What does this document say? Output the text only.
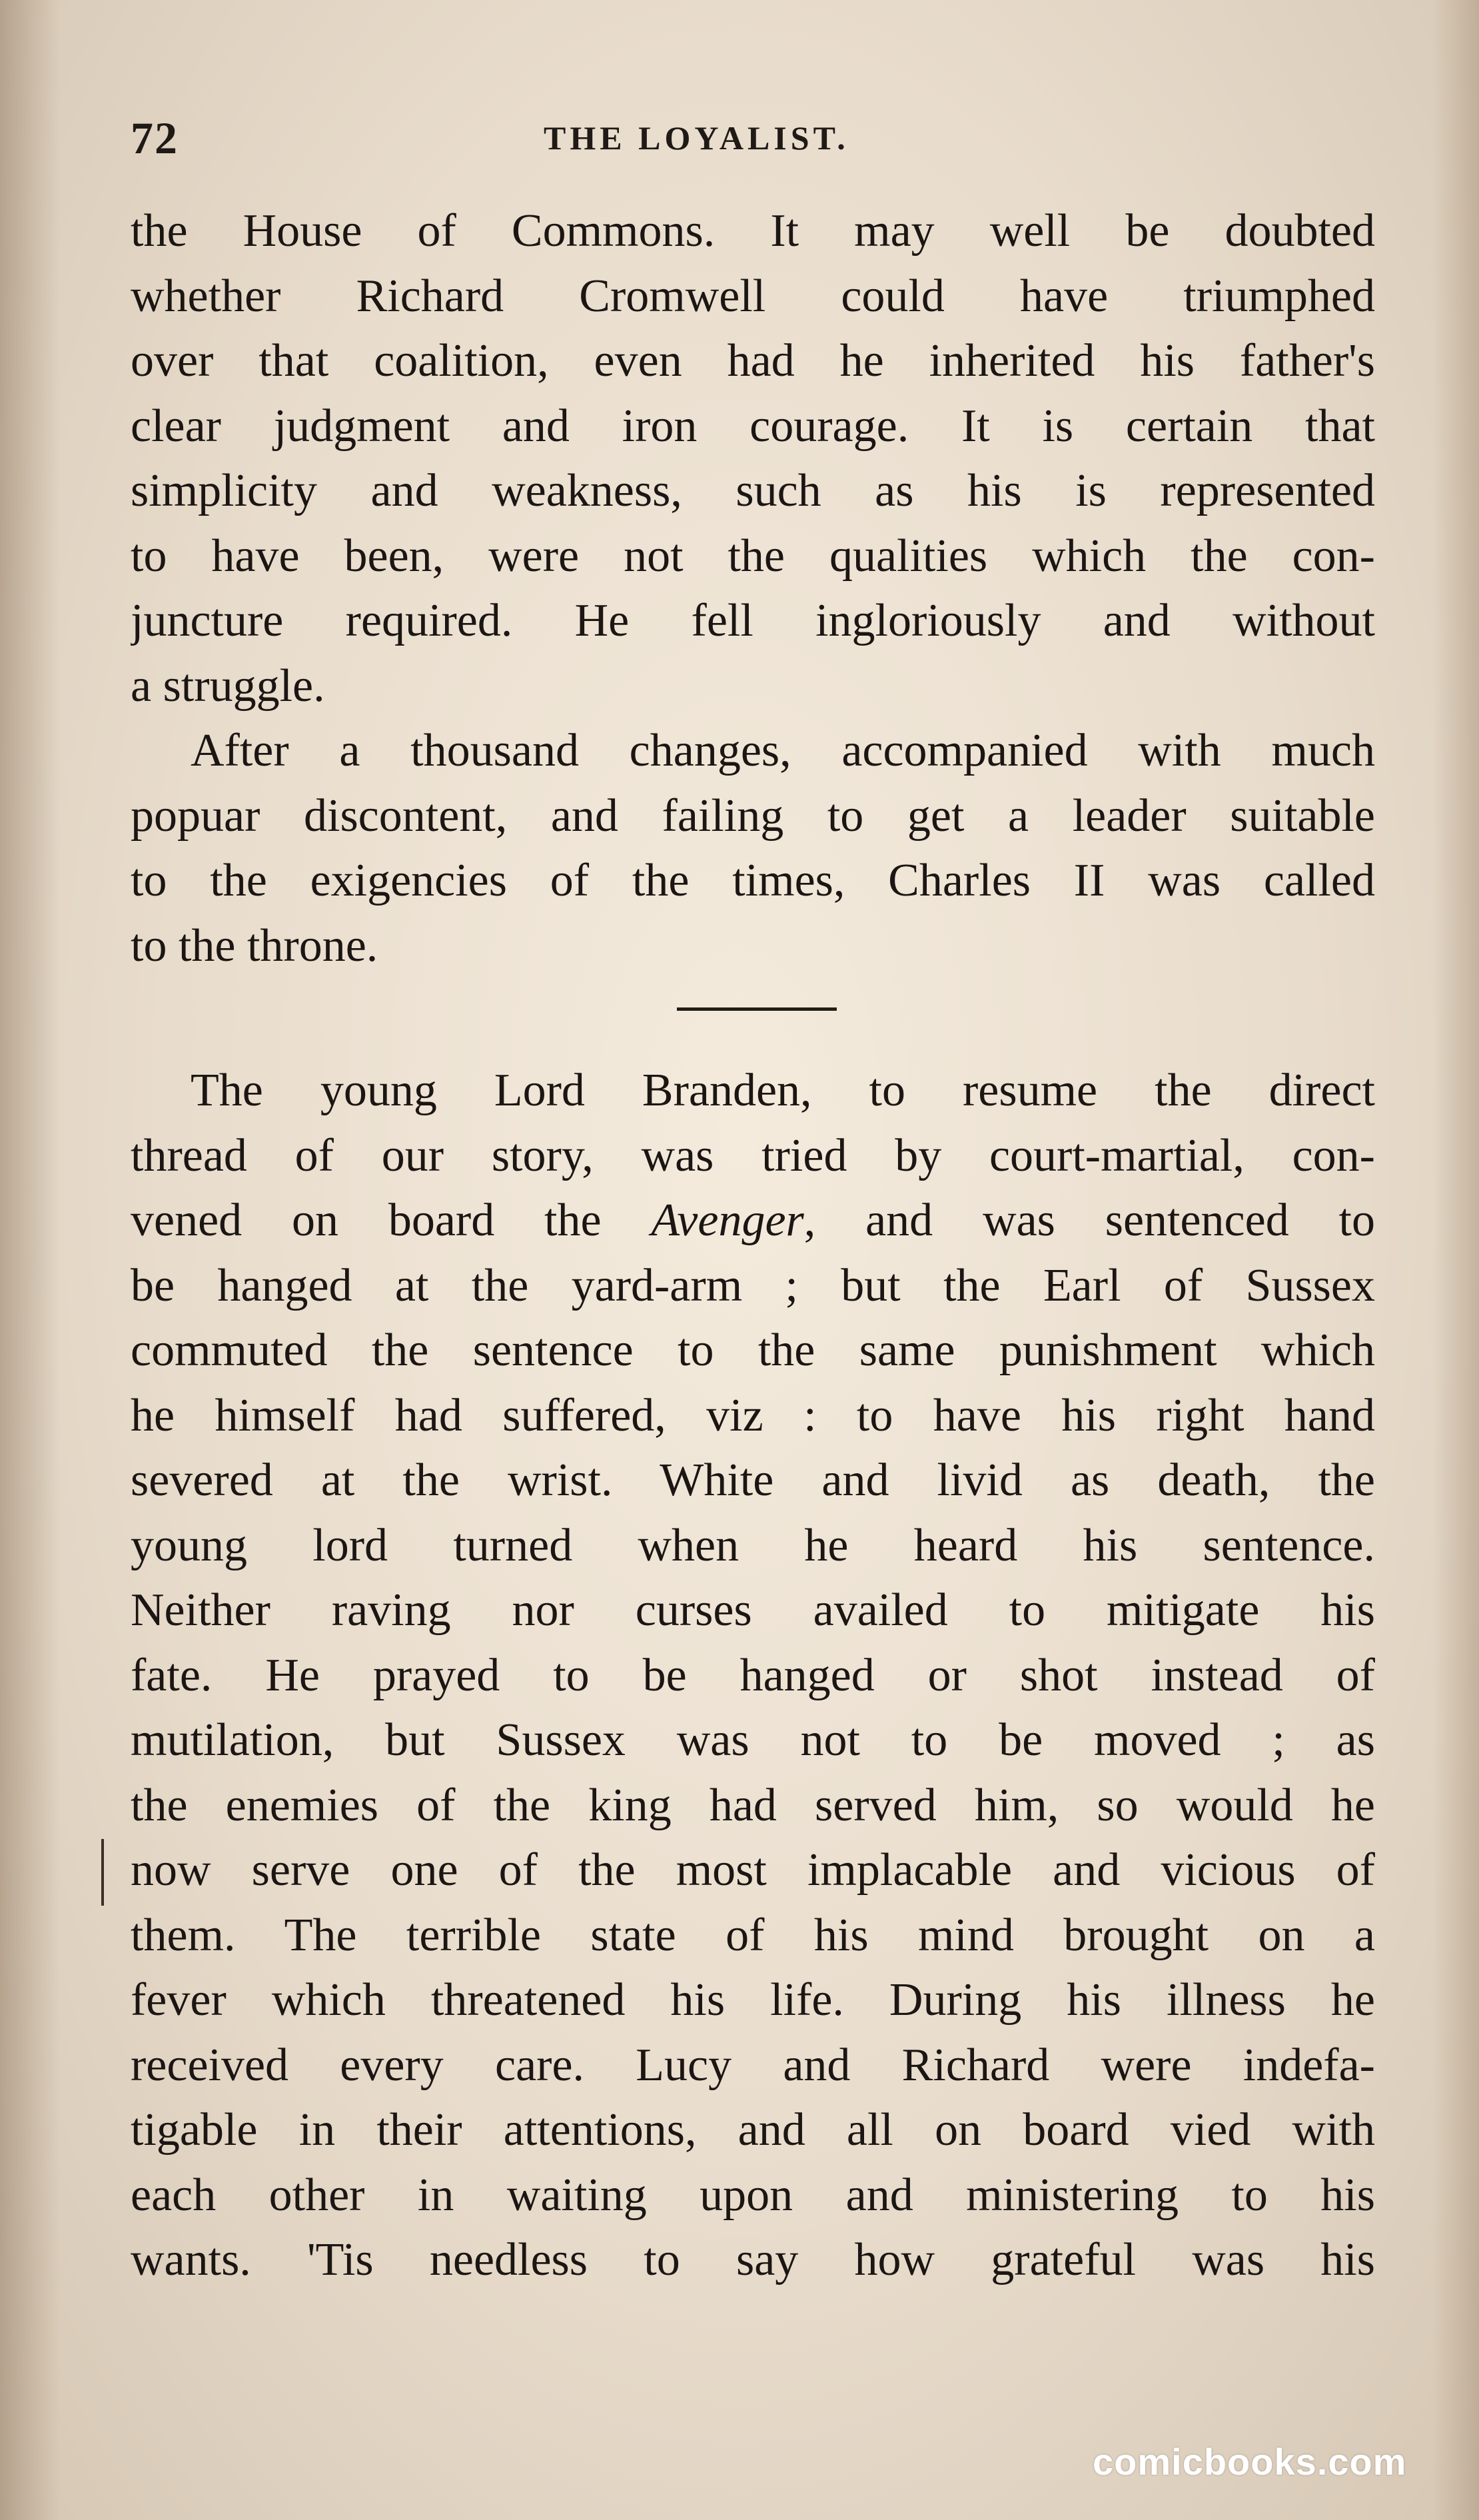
72	THE LOYALIST.
the House of Commons. It may well be doubted
whether Richard Cromwell could have triumphed
over that coalition, even had he inherited his father's
clear judgment and iron courage. It is certain that
simplicity and weakness, such as his is represented
to have been, were not the qualities which the con-
juncture required. He fell ingloriously and without
a struggle.
After a thousand changes, accompanied with much
popuar discontent, and failing to get a leader suitable
to the exigencies of the times, Charles II was called
to the throne.
The young Lord Branden, to resume the direct
thread of our story, was tried by court-martial, con-
vened on board the Avenger, and was sentenced to
be hanged at the yard-arm ; but the Earl of Sussex
commuted the sentence to the same punishment which
he himself had suffered, viz : to have his right hand
severed at the wrist. White and livid as death, the
young lord turned when he heard his sentence.
Neither raving nor curses availed to mitigate his
fate. He prayed to be hanged or shot instead of
mutilation, but Sussex was not to be moved ; as
the enemies of the king had served him, so would he
now serve one of the most implacable and vicious of
them. The terrible state of his mind brought on a
fever which threatened his life. During his illness he
received every care. Lucy and Richard were indefa-
tigable in their attentions, and all on board vied with
each other in waiting upon and ministering to his
wants. 'Tis needless to say how grateful was his
comicbooks.com
